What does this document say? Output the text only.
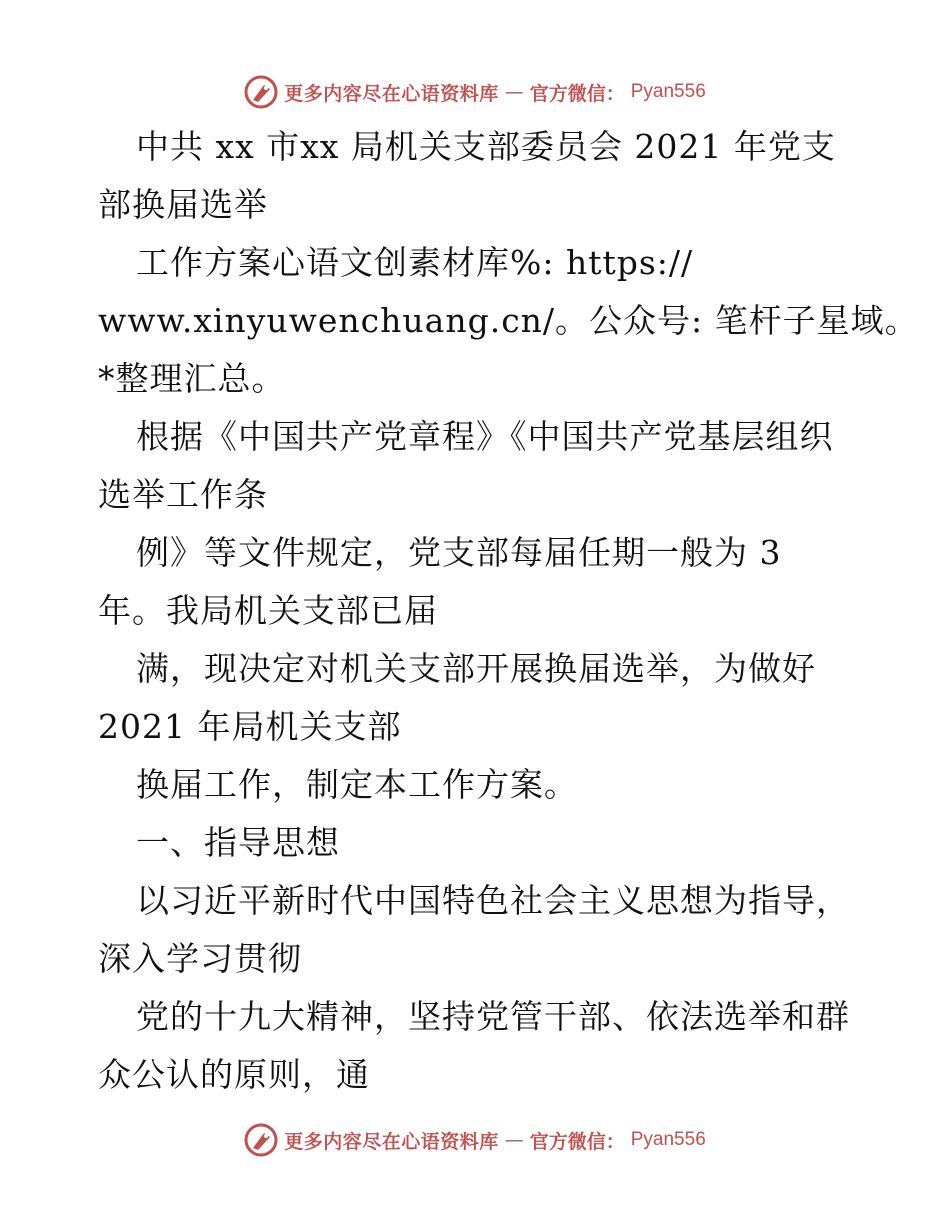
更多内容尽在心语资料库 — 官方微信： Pyan556
中共 xx 市xx 局机关支部委员会 2021 年党支
部换届选举
工作方案心语文创素材库%: https://
www.xinyuwenchuang.cn/。公众号: 笔杆子星域。
*整理汇总。
根据《中国共产党章程》《中国共产党基层组织
选举工作条
例》等文件规定，党支部每届任期一般为 3
年。我局机关支部已届
满，现决定对机关支部开展换届选举，为做好
2021 年局机关支部
换届工作，制定本工作方案。
一、指导思想
以习近平新时代中国特色社会主义思想为指导，
深入学习贯彻
党的十九大精神，坚持党管干部、依法选举和群
众公认的原则，通
更多内容尽在心语资料库 — 官方微信： Pyan556
